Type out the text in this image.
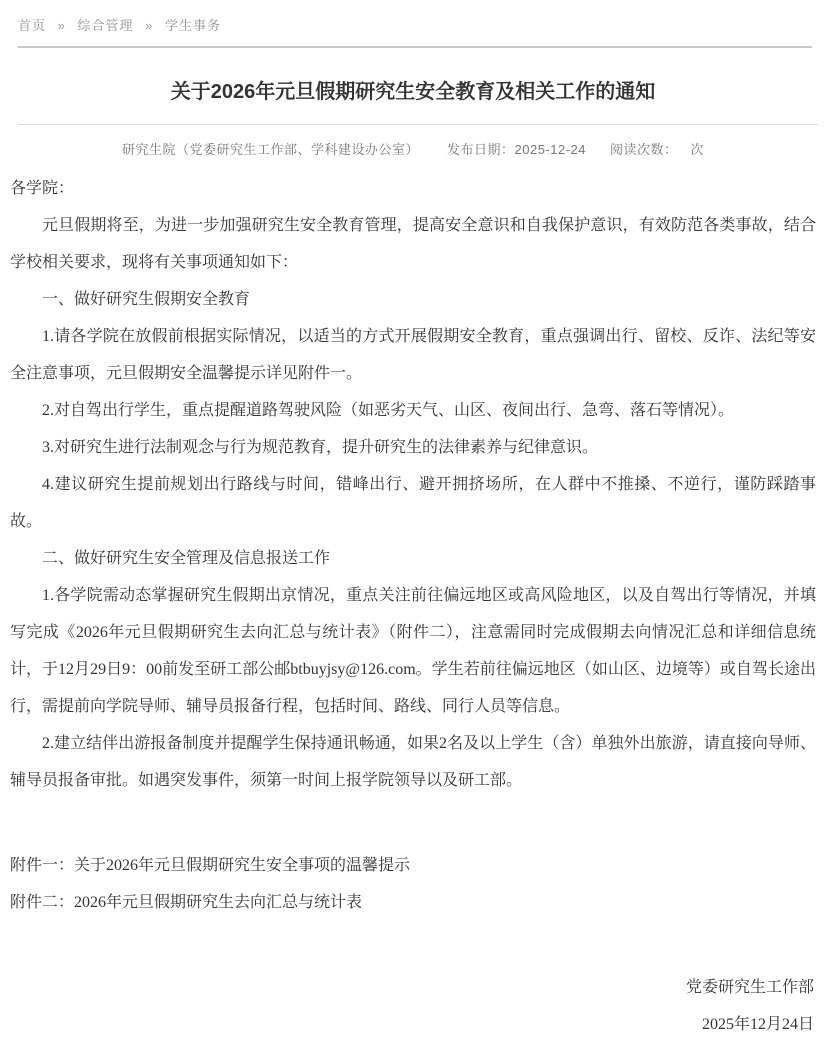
首页 » 综合管理 » 学生事务
关于2026年元旦假期研究生安全教育及相关工作的通知
研究生院（党委研究生工作部、学科建设办公室） 发布日期：2025-12-24 阅读次数： 次

各学院：

元旦假期将至，为进一步加强研究生安全教育管理，提高安全意识和自我保护意识，有效防范各类事故，结合学校相关要求，现将有关事项通知如下：

一、做好研究生假期安全教育

1.请各学院在放假前根据实际情况，以适当的方式开展假期安全教育，重点强调出行、留校、反诈、法纪等安全注意事项，元旦假期安全温馨提示详见附件一。

2.对自驾出行学生，重点提醒道路驾驶风险（如恶劣天气、山区、夜间出行、急弯、落石等情况）。

3.对研究生进行法制观念与行为规范教育，提升研究生的法律素养与纪律意识。

4.建议研究生提前规划出行路线与时间，错峰出行、避开拥挤场所，在人群中不推搡、不逆行，谨防踩踏事故。

二、做好研究生安全管理及信息报送工作

1.各学院需动态掌握研究生假期出京情况，重点关注前往偏远地区或高风险地区，以及自驾出行等情况，并填写完成《2026年元旦假期研究生去向汇总与统计表》（附件二），注意需同时完成假期去向情况汇总和详细信息统计，于12月29日9：00前发至研工部公邮btbuyjsy@126.com。学生若前往偏远地区（如山区、边境等）或自驾长途出行，需提前向学院导师、辅导员报备行程，包括时间、路线、同行人员等信息。

2.建立结伴出游报备制度并提醒学生保持通讯畅通，如果2名及以上学生（含）单独外出旅游，请直接向导师、辅导员报备审批。如遇突发事件，须第一时间上报学院领导以及研工部。

附件一：关于2026年元旦假期研究生安全事项的温馨提示

附件二：2026年元旦假期研究生去向汇总与统计表

党委研究生工作部

2025年12月24日
